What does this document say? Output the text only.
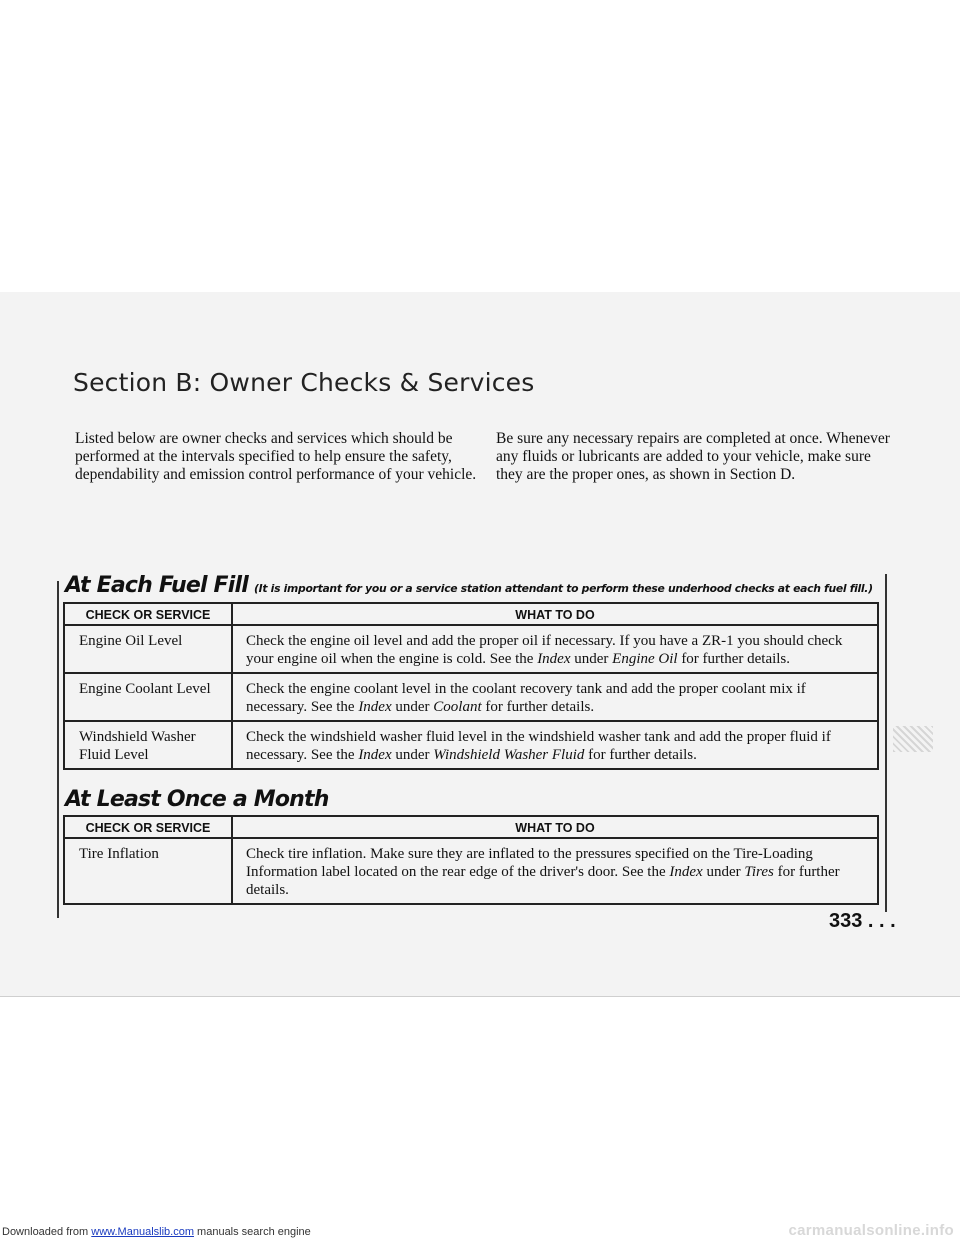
Section B: Owner Checks & Services

Listed below are owner checks and services which should be performed at the intervals specified to help ensure the safety, dependability and emission control performance of your vehicle.

Be sure any necessary repairs are completed at once. Whenever any fluids or lubricants are added to your vehicle, make sure they are the proper ones, as shown in Section D.

At Each Fuel Fill (It is important for you or a service station attendant to perform these underhood checks at each fuel fill.)
CHECK OR SERVICE	WHAT TO DO
Engine Oil Level	Check the engine oil level and add the proper oil if necessary. If you have a ZR-1 you should check your engine oil when the engine is cold. See the Index under Engine Oil for further details.
Engine Coolant Level	Check the engine coolant level in the coolant recovery tank and add the proper coolant mix if necessary. See the Index under Coolant for further details.
Windshield Washer Fluid Level	Check the windshield washer fluid level in the windshield washer tank and add the proper fluid if necessary. See the Index under Windshield Washer Fluid for further details.
At Least Once a Month
CHECK OR SERVICE	WHAT TO DO
Tire Inflation	Check tire inflation. Make sure they are inflated to the pressures specified on the Tire-Loading Information label located on the rear edge of the driver's door. See the Index under Tires for further details.
333 . . .
Downloaded from www.Manualslib.com manuals search engine	carmanualsonline.info
